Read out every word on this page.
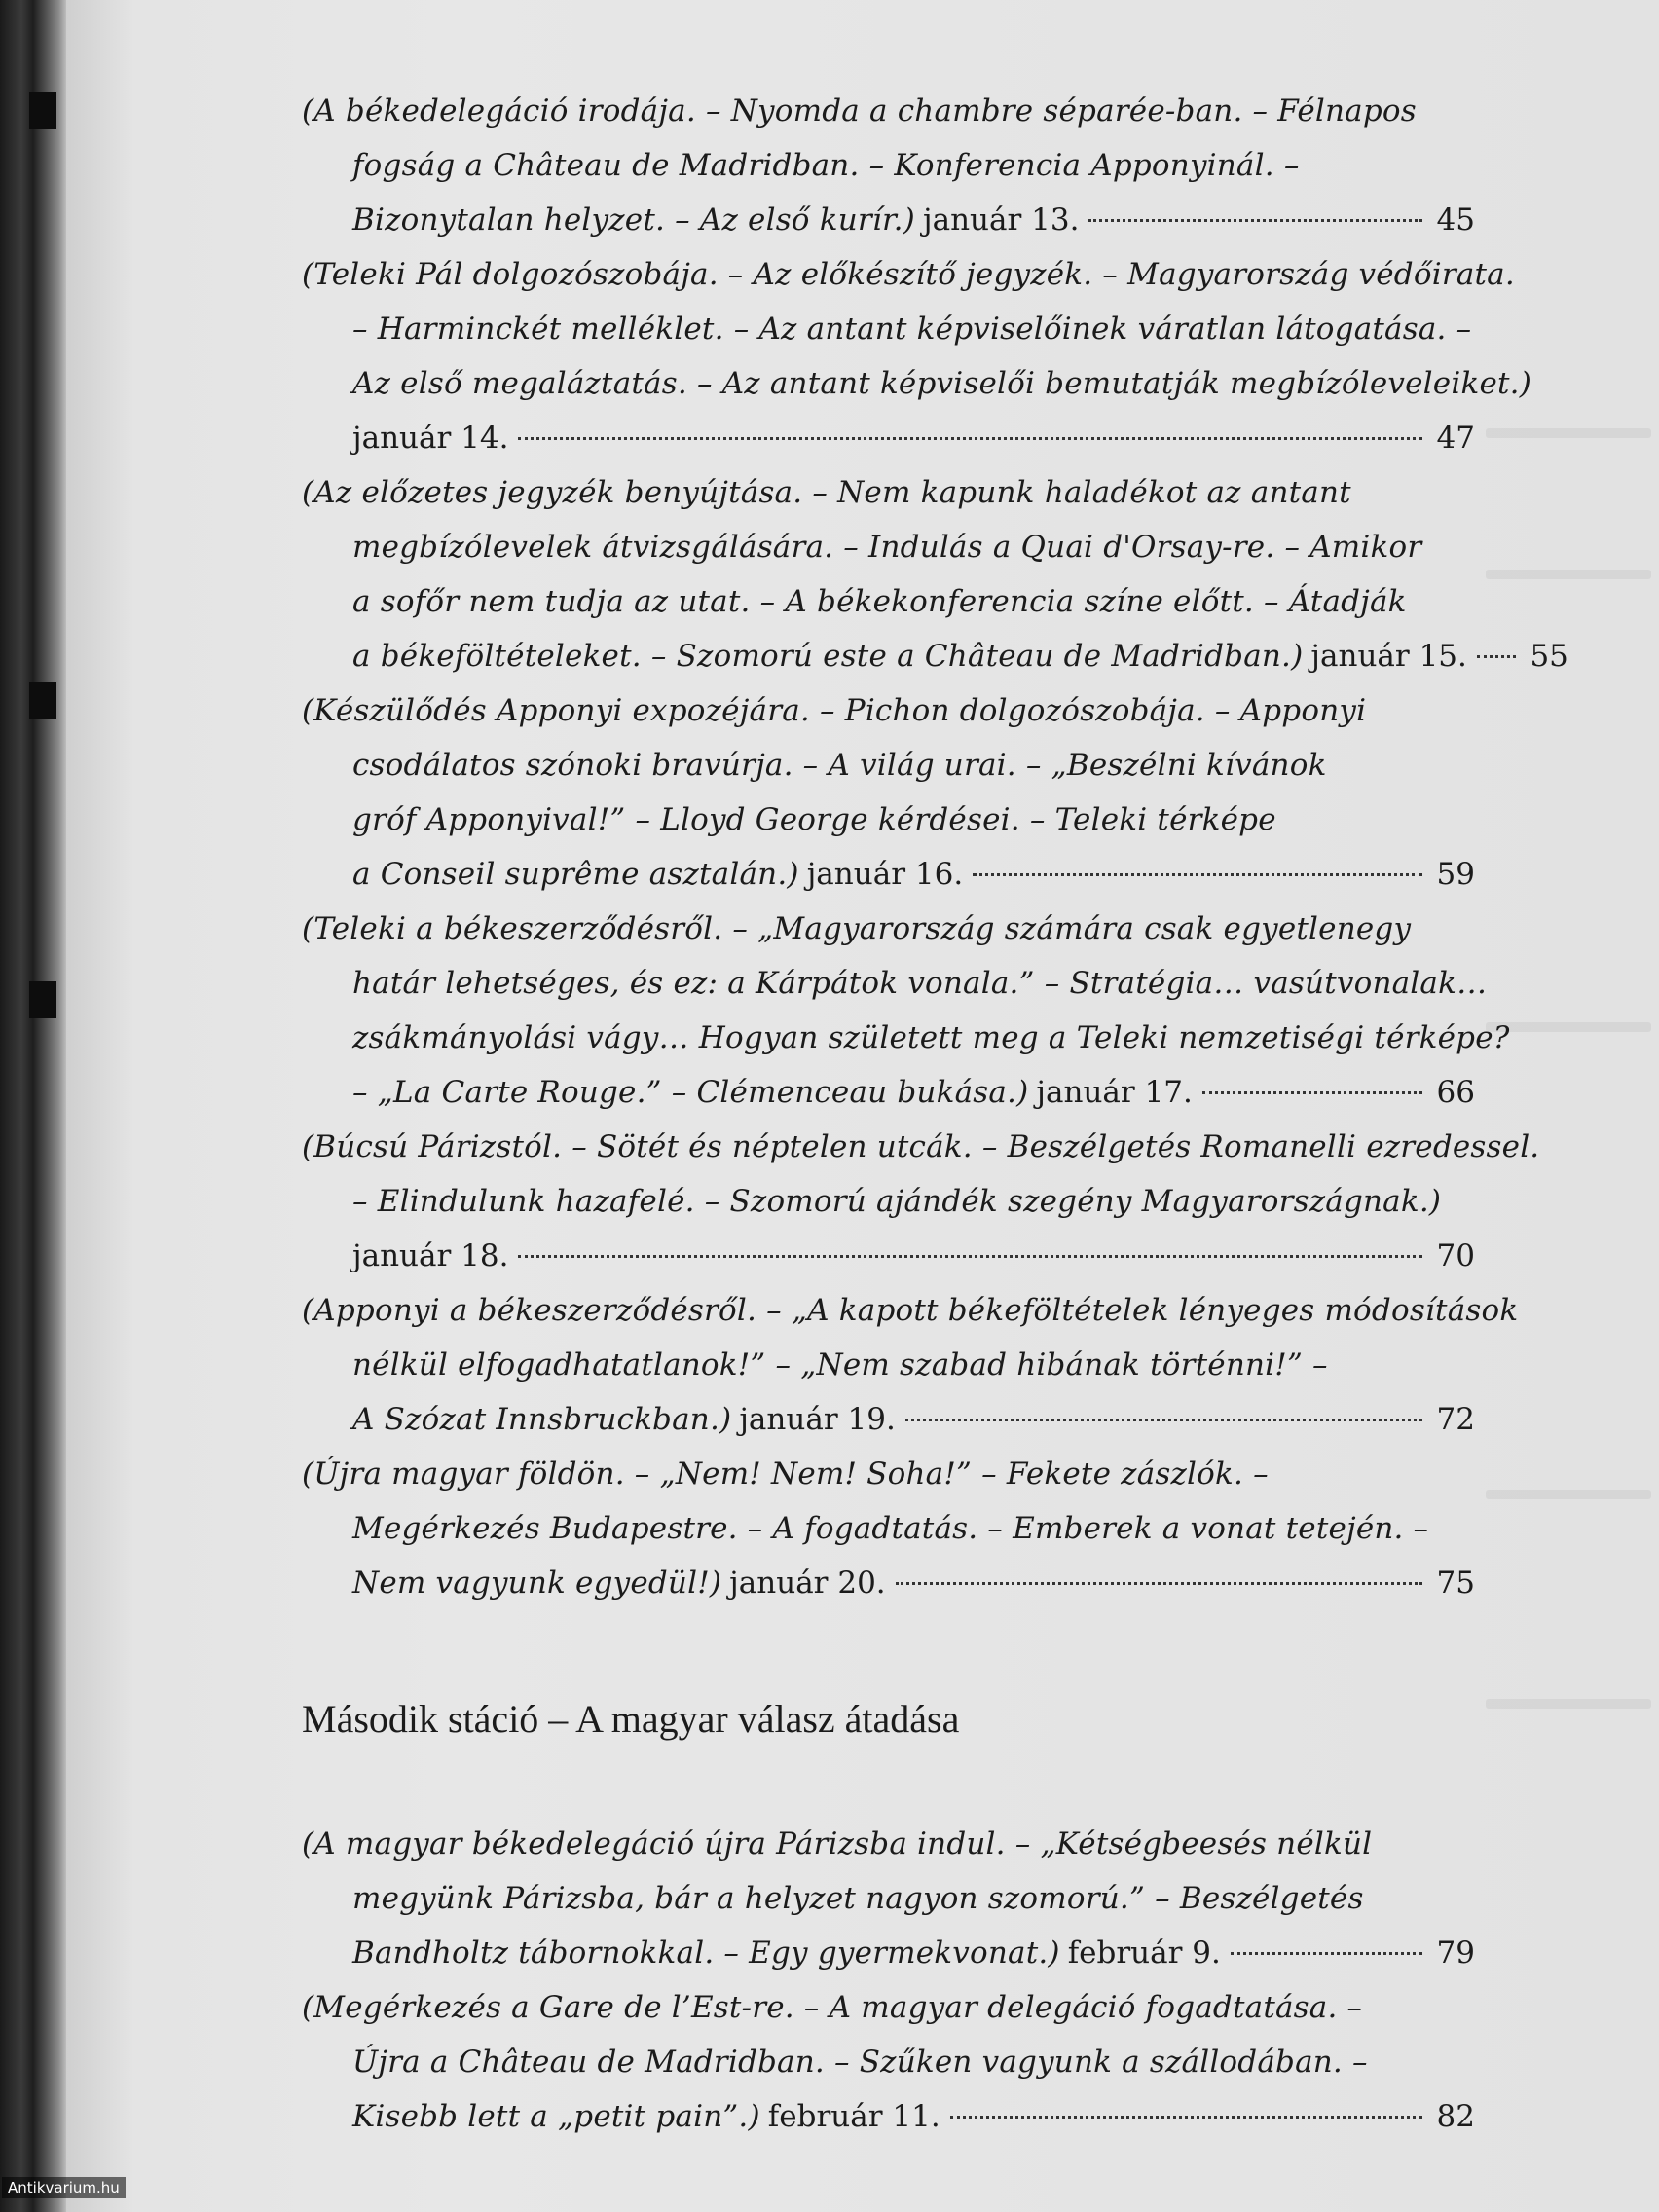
(A békedelegáció irodája. – Nyomda a chambre séparée-ban. – Félnapos
fogság a Château de Madridban. – Konferencia Apponyinál. –
Bizonytalan helyzet. – Az első kurír.) január 13.	45
(Teleki Pál dolgozószobája. – Az előkészítő jegyzék. – Magyarország védőirata.
– Harminckét melléklet. – Az antant képviselőinek váratlan látogatása. –
Az első megaláztatás. – Az antant képviselői bemutatják megbízóleveleiket.)
január 14.	47
(Az előzetes jegyzék benyújtása. – Nem kapunk haladékot az antant
megbízólevelek átvizsgálására. – Indulás a Quai d'Orsay-re. – Amikor
a sofőr nem tudja az utat. – A békekonferencia színe előtt. – Átadják
a békeföltételeket. – Szomorú este a Château de Madridban.) január 15. 55
(Készülődés Apponyi expozéjára. – Pichon dolgozószobája. – Apponyi
csodálatos szónoki bravúrja. – A világ urai. – „Beszélni kívánok
gróf Apponyival!” – Lloyd George kérdései. – Teleki térképe
a Conseil suprême asztalán.) január 16.	59
(Teleki a békeszerződésről. – „Magyarország számára csak egyetlenegy
határ lehetséges, és ez: a Kárpátok vonala.” – Stratégia… vasútvonalak…
zsákmányolási vágy… Hogyan született meg a Teleki nemzetiségi térképe?
– „La Carte Rouge.” – Clémenceau bukása.) január 17.	66
(Búcsú Párizstól. – Sötét és néptelen utcák. – Beszélgetés Romanelli ezredessel.
– Elindulunk hazafelé. – Szomorú ajándék szegény Magyarországnak.)
január 18.	70
(Apponyi a békeszerződésről. – „A kapott békeföltételek lényeges módosítások
nélkül elfogadhatatlanok!” – „Nem szabad hibának történni!” –
A Szózat Innsbruckban.) január 19.	72
(Újra magyar földön. – „Nem! Nem! Soha!” – Fekete zászlók. –
Megérkezés Budapestre. – A fogadtatás. – Emberek a vonat tetején. –
Nem vagyunk egyedül!) január 20.	75
Második stáció – A magyar válasz átadása
(A magyar békedelegáció újra Párizsba indul. – „Kétségbeesés nélkül
megyünk Párizsba, bár a helyzet nagyon szomorú.” – Beszélgetés
Bandholtz tábornokkal. – Egy gyermekvonat.) február 9.	79
(Megérkezés a Gare de l’Est-re. – A magyar delegáció fogadtatása. –
Újra a Château de Madridban. – Szűken vagyunk a szállodában. –
Kisebb lett a „petit pain”.) február 11.	82
Antikvarium.hu
